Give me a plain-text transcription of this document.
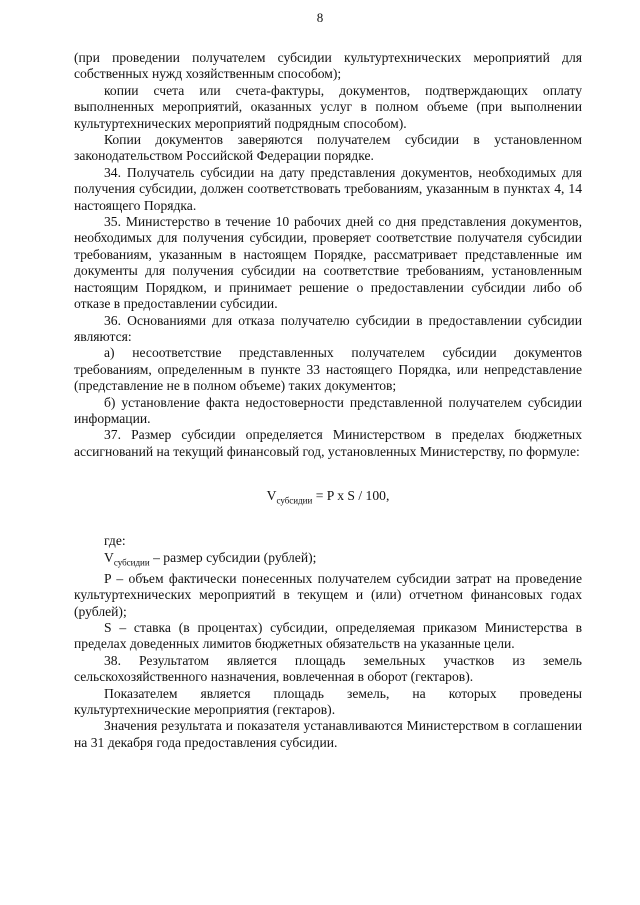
8

(при проведении получателем субсидии культуртехнических мероприятий для собственных нужд хозяйственным способом);

копии счета или счета-фактуры, документов, подтверждающих оплату выполненных мероприятий, оказанных услуг в полном объеме (при выполнении культуртехнических мероприятий подрядным способом).

Копии документов заверяются получателем субсидии в установленном законодательством Российской Федерации порядке.

34. Получатель субсидии на дату представления документов, необходимых для получения субсидии, должен соответствовать требованиям, указанным в пунктах 4, 14 настоящего Порядка.

35. Министерство в течение 10 рабочих дней со дня представления документов, необходимых для получения субсидии, проверяет соответствие получателя субсидии требованиям, указанным в настоящем Порядке, рассматривает представленные им документы для получения субсидии на соответствие требованиям, установленным настоящим Порядком, и принимает решение о предоставлении субсидии либо об отказе в предоставлении субсидии.

36. Основаниями для отказа получателю субсидии в предоставлении субсидии являются:

а) несоответствие представленных получателем субсидии документов требованиям, определенным в пункте 33 настоящего Порядка, или непредставление (представление не в полном объеме) таких документов;

б) установление факта недостоверности представленной получателем субсидии информации.

37. Размер субсидии определяется Министерством в пределах бюджетных ассигнований на текущий финансовый год, установленных Министерству, по формуле:

$V_{субсидии} = P$ x S / 100,

где:

$V_{субсидии}$ – размер субсидии (рублей);

P – объем фактически понесенных получателем субсидии затрат на проведение культуртехнических мероприятий в текущем и (или) отчетном финансовых годах (рублей);

S – ставка (в процентах) субсидии, определяемая приказом Министерства в пределах доведенных лимитов бюджетных обязательств на указанные цели.

38. Результатом является площадь земельных участков из земель сельскохозяйственного назначения, вовлеченная в оборот (гектаров).

Показателем является площадь земель, на которых проведены культуртехнические мероприятия (гектаров).

Значения результата и показателя устанавливаются Министерством в соглашении на 31 декабря года предоставления субсидии.
